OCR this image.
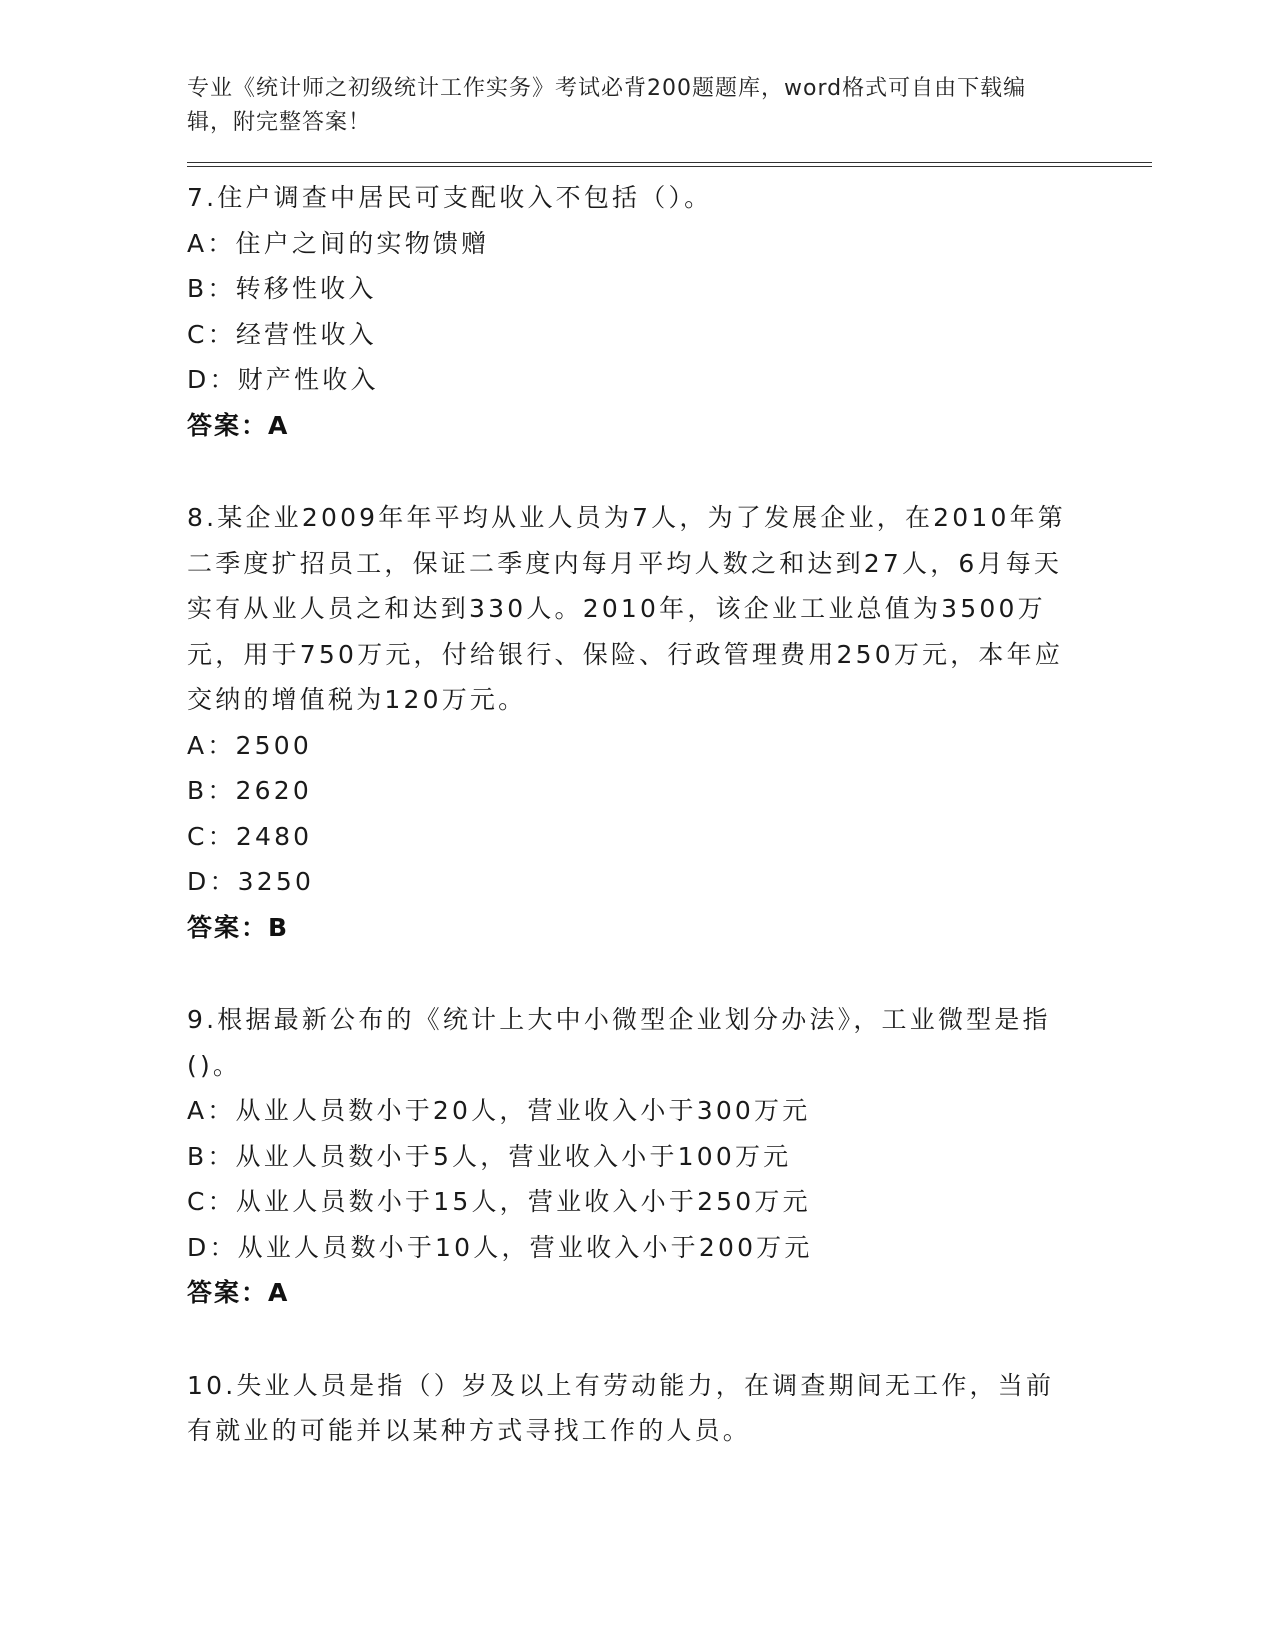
专业《统计师之初级统计工作实务》考试必背200题题库，word格式可自由下载编辑，附完整答案！
7.住户调查中居民可支配收入不包括（）。
A：住户之间的实物馈赠
B：转移性收入
C：经营性收入
D：财产性收入
答案：A
8.某企业2009年年平均从业人员为7人，为了发展企业，在2010年第二季度扩招员工，保证二季度内每月平均人数之和达到27人，6月每天实有从业人员之和达到330人。2010年，该企业工业总值为3500万元，用于750万元，付给银行、保险、行政管理费用250万元，本年应交纳的增值税为120万元。
A：2500
B：2620
C：2480
D：3250
答案：B
9.根据最新公布的《统计上大中小微型企业划分办法》，工业微型是指()。
A：从业人员数小于20人，营业收入小于300万元
B：从业人员数小于5人，营业收入小于100万元
C：从业人员数小于15人，营业收入小于250万元
D：从业人员数小于10人，营业收入小于200万元
答案：A
10.失业人员是指（）岁及以上有劳动能力，在调查期间无工作，当前有就业的可能并以某种方式寻找工作的人员。
